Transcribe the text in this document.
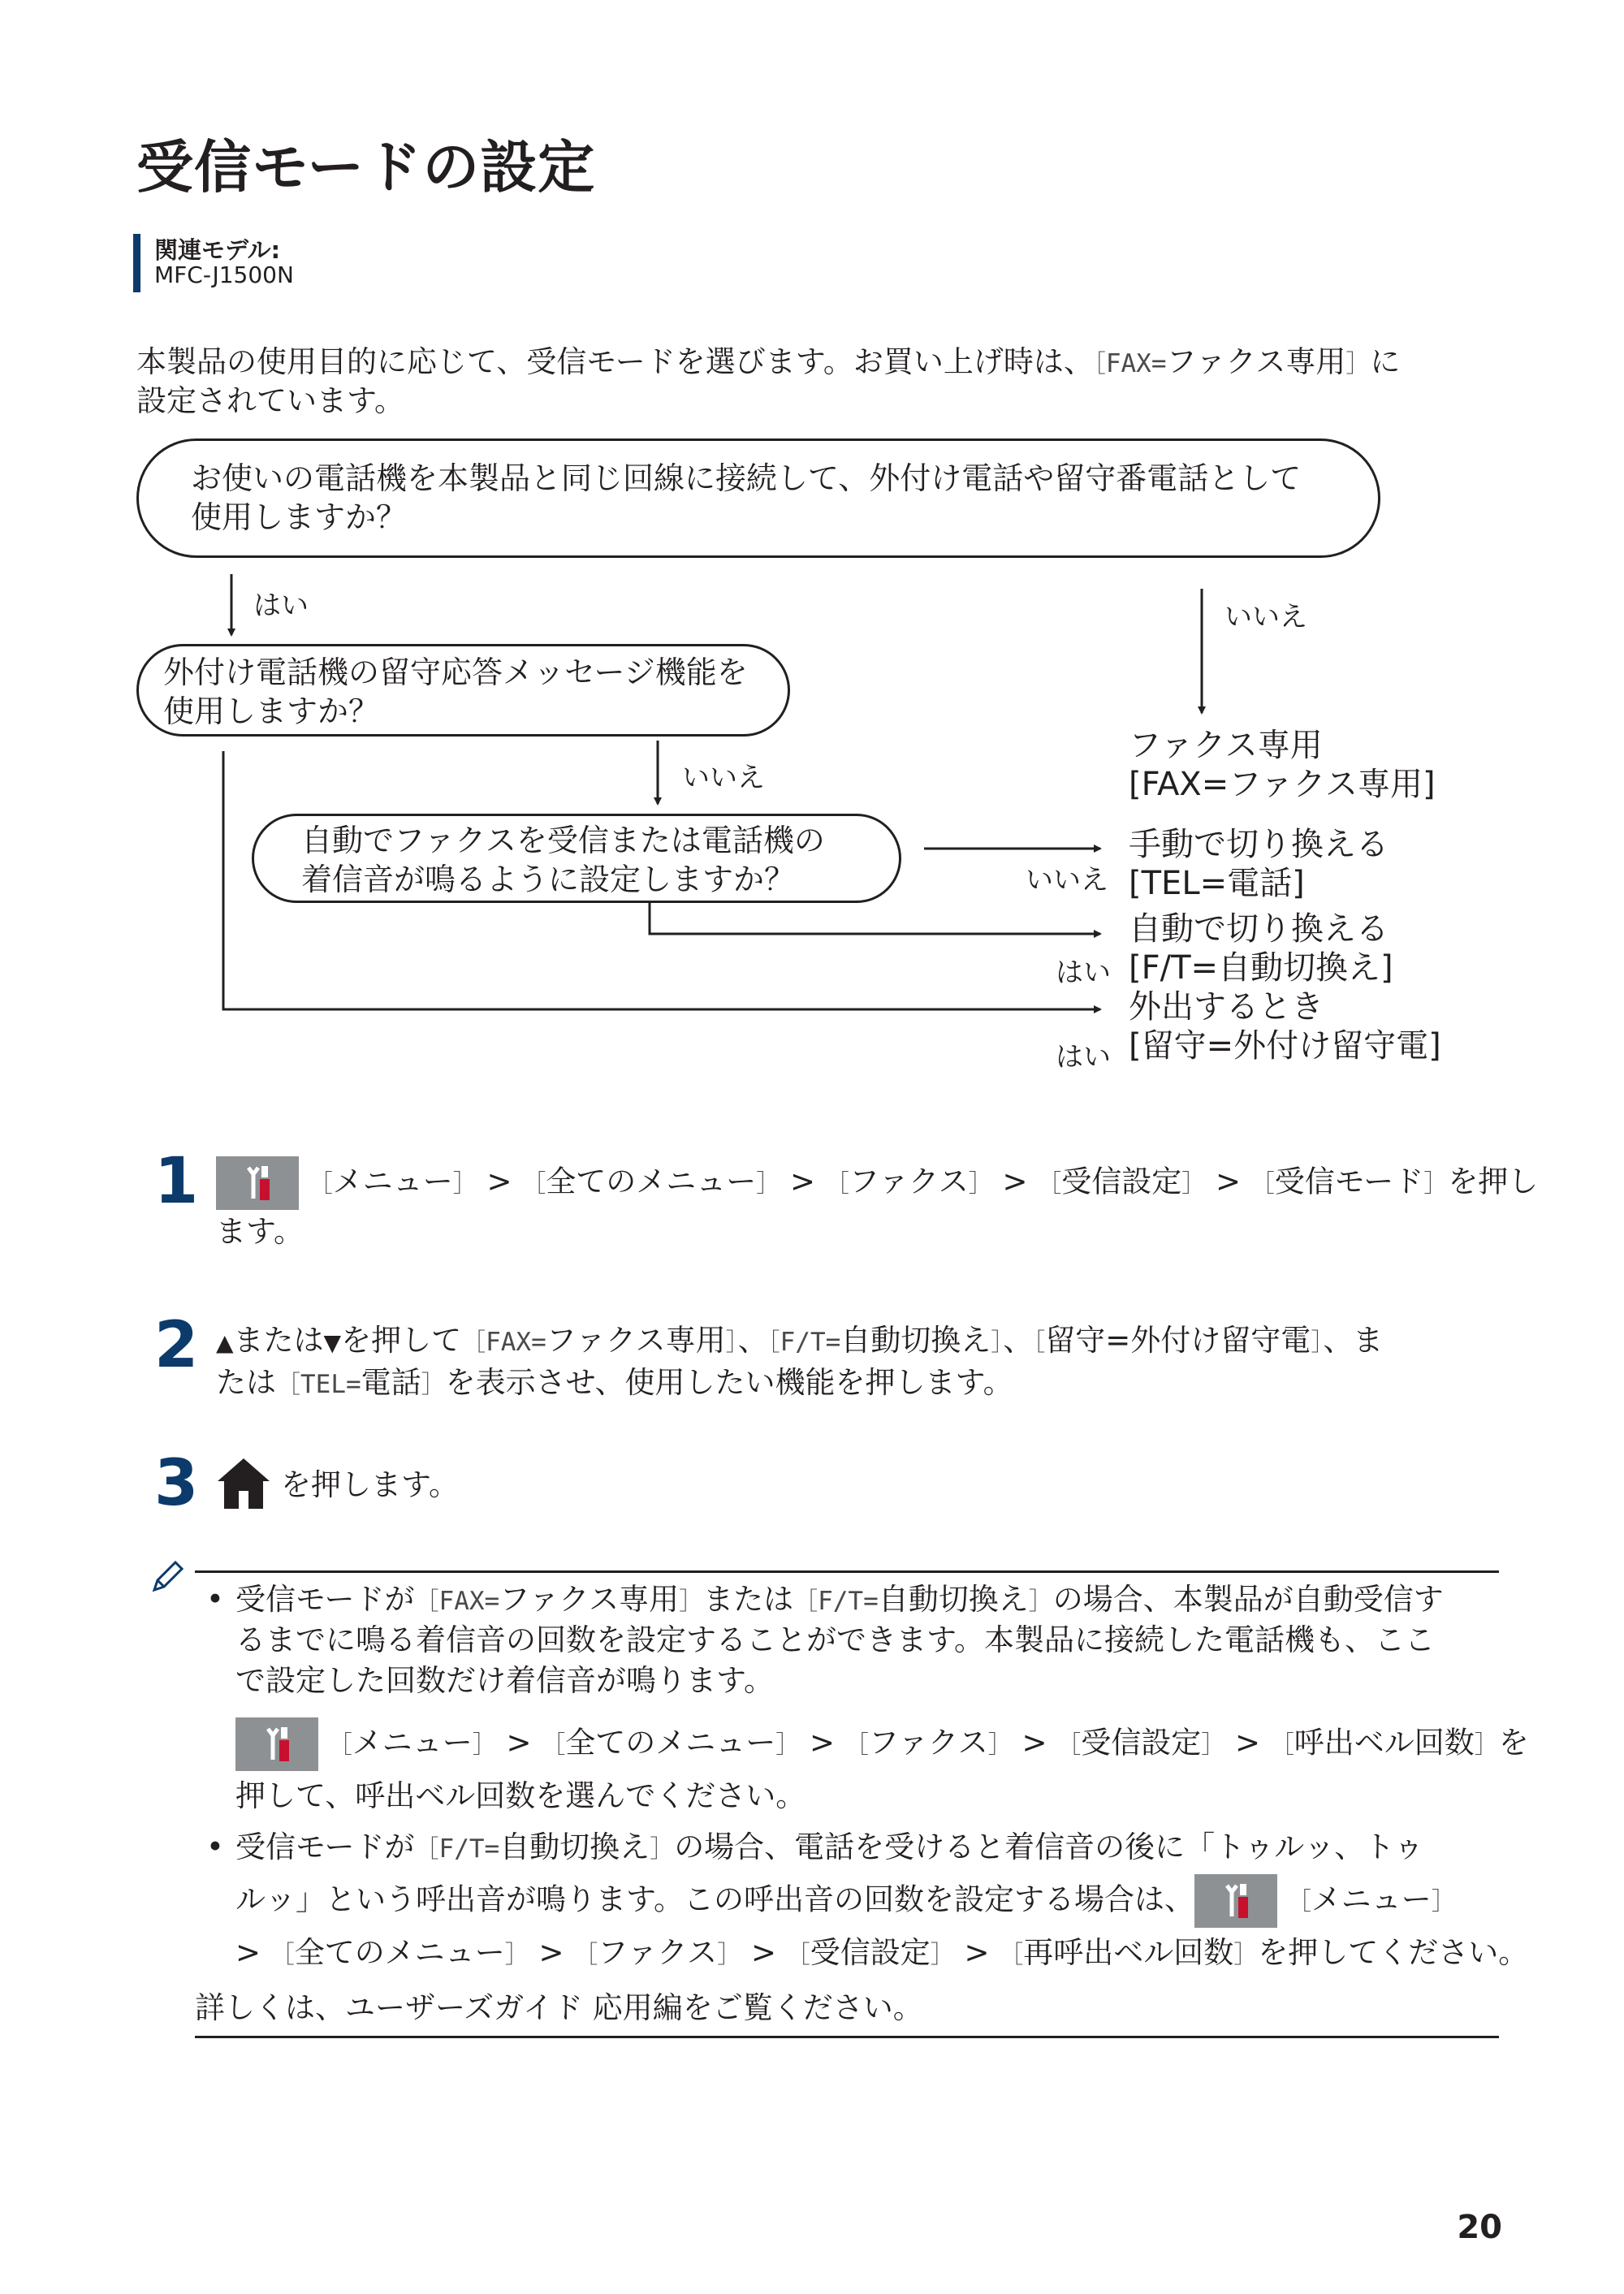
受信モードの設定
関連モデル:
MFC-J1500N
本製品の使用目的に応じて、受信モードを選びます。お買い上げ時は、［FAX=ファクス専用］に
設定されています。
お使いの電話機を本製品と同じ回線に接続して、外付け電話や留守番電話として
使用しますか？
はい	いいえ
外付け電話機の留守応答メッセージ機能を
使用しますか？
いいえ
自動でファクスを受信または電話機の
着信音が鳴るように設定しますか？
ファクス専用
[FAX=ファクス専用]
手動で切り換える
[TEL=電話]
いいえ
自動で切り換える
[F/T=自動切換え]
はい
外出するとき
[留守=外付け留守電]
はい
1	［メニュー］ > ［全てのメニュー］ > ［ファクス］ > ［受信設定］ > ［受信モード］を押し
ます。
2 ▲または▼を押して［FAX=ファクス専用］、［F/T=自動切換え］、［留守=外付け留守電］、ま
たは［TEL=電話］を表示させ、使用したい機能を押します。
3	を押します。
• 受信モードが［FAX=ファクス専用］または［F/T=自動切換え］の場合、本製品が自動受信す
るまでに鳴る着信音の回数を設定することができます。本製品に接続した電話機も、ここ
で設定した回数だけ着信音が鳴ります。
［メニュー］ > ［全てのメニュー］ > ［ファクス］ > ［受信設定］ > ［呼出ベル回数］を
押して、呼出ベル回数を選んでください。
• 受信モードが［F/T=自動切換え］の場合、電話を受けると着信音の後に「トゥルッ、トゥ
ルッ」という呼出音が鳴ります。この呼出音の回数を設定する場合は、	［メニュー］
> ［全てのメニュー］ > ［ファクス］ > ［受信設定］ > ［再呼出ベル回数］を押してください。
詳しくは、ユーザーズガイド 応用編をご覧ください。
20
